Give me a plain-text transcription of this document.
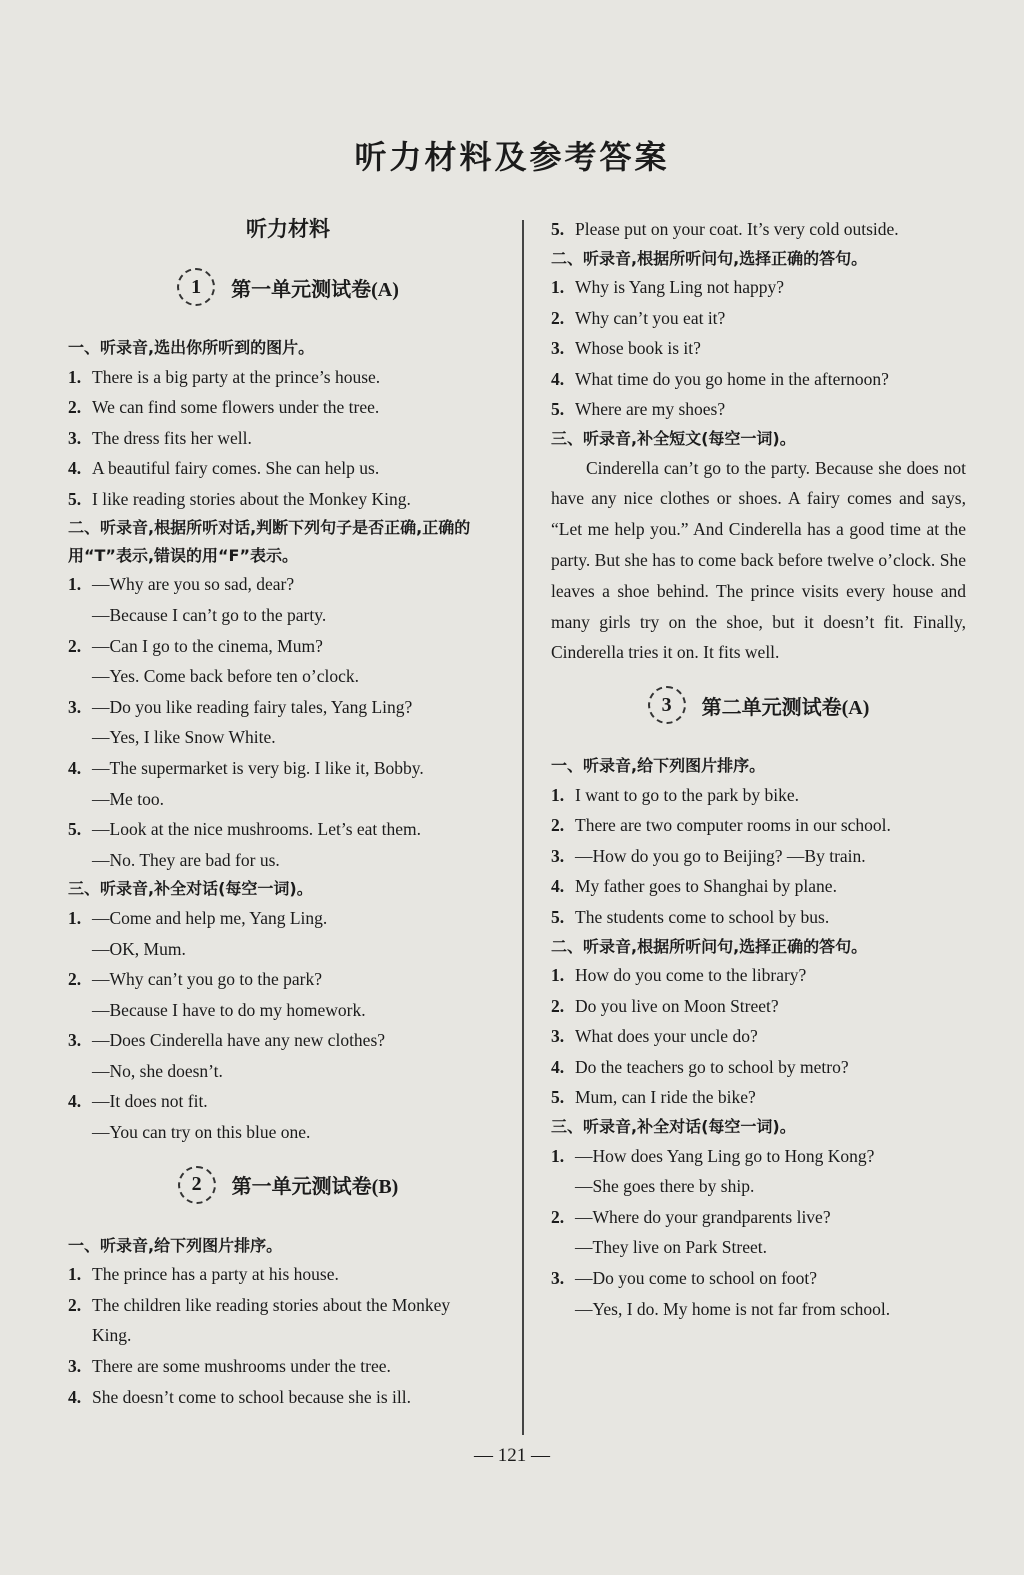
听力材料及参考答案
听力材料
1	第一单元测试卷(A)
一、听录音,选出你所听到的图片。
1. There is a big party at the prince’s house.
2. We can find some flowers under the tree.
3. The dress fits her well.
4. A beautiful fairy comes. She can help us.
5. I like reading stories about the Monkey King.
二、听录音,根据所听对话,判断下列句子是否正确,正确的用“T”表示,错误的用“F”表示。
1. —Why are you so sad, dear?
—Because I can’t go to the party.
2. —Can I go to the cinema, Mum?
—Yes. Come back before ten o’clock.
3. —Do you like reading fairy tales, Yang Ling?
—Yes, I like Snow White.
4. —The supermarket is very big. I like it, Bobby.
—Me too.
5. —Look at the nice mushrooms. Let’s eat them.
—No. They are bad for us.
三、听录音,补全对话(每空一词)。
1. —Come and help me, Yang Ling.
—OK, Mum.
2. —Why can’t you go to the park?
—Because I have to do my homework.
3. —Does Cinderella have any new clothes?
—No, she doesn’t.
4. —It does not fit.
—You can try on this blue one.
2	第一单元测试卷(B)
一、听录音,给下列图片排序。
1. The prince has a party at his house.
2. The children like reading stories about the Monkey
King.
3. There are some mushrooms under the tree.
4. She doesn’t come to school because she is ill.
5. Please put on your coat. It’s very cold outside.
二、听录音,根据所听问句,选择正确的答句。
1. Why is Yang Ling not happy?
2. Why can’t you eat it?
3. Whose book is it?
4. What time do you go home in the afternoon?
5. Where are my shoes?
三、听录音,补全短文(每空一词)。
Cinderella can’t go to the party. Because she does not have any nice clothes or shoes. A fairy comes and says, “Let me help you.” And Cinderella has a good time at the party. But she has to come back before twelve o’clock. She leaves a shoe behind. The prince visits every house and many girls try on the shoe, but it doesn’t fit. Finally, Cinderella tries it on. It fits well.
3	第二单元测试卷(A)
一、听录音,给下列图片排序。
1. I want to go to the park by bike.
2. There are two computer rooms in our school.
3. —How do you go to Beijing? —By train.
4. My father goes to Shanghai by plane.
5. The students come to school by bus.
二、听录音,根据所听问句,选择正确的答句。
1. How do you come to the library?
2. Do you live on Moon Street?
3. What does your uncle do?
4. Do the teachers go to school by metro?
5. Mum, can I ride the bike?
三、听录音,补全对话(每空一词)。
1. —How does Yang Ling go to Hong Kong?
—She goes there by ship.
2. —Where do your grandparents live?
—They live on Park Street.
3. —Do you come to school on foot?
—Yes, I do. My home is not far from school.
— 121 —
